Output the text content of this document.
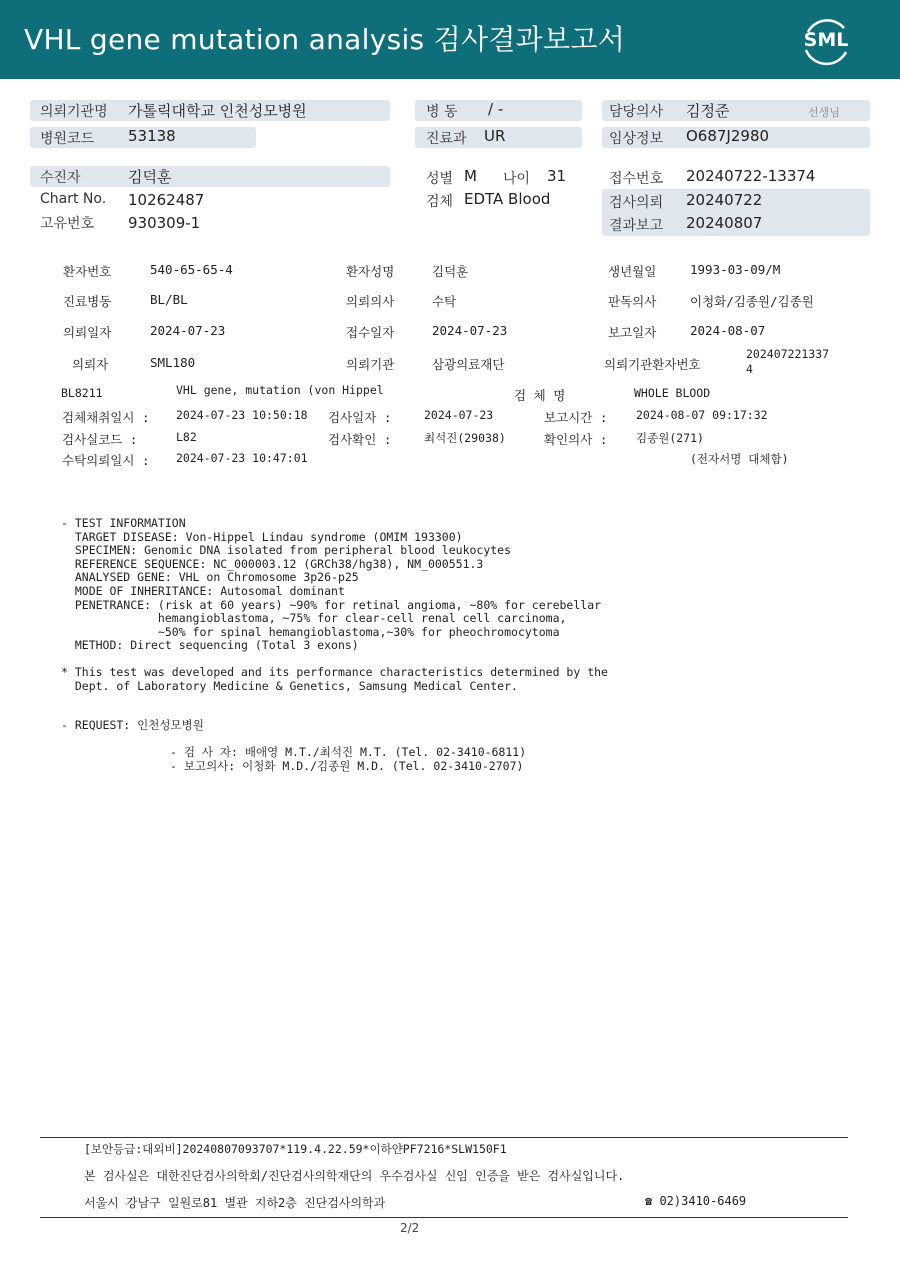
VHL gene mutation analysis 검사결과보고서	SML
의뢰기관명 가톨릭대학교 인천성모병원
병원코드 53138
병 동 / -
진료과 UR
담당의사 김정준	선생님
임상정보 O687J2980
수진자	김덕훈
Chart No. 10262487
고유번호 930309-1
성별 M 나이 31
검체 EDTA Blood
접수번호 20240722-13374
검사의뢰 20240722
결과보고 20240807
환자번호	540-65-65-4	환자성명	김덕훈	생년월일	1993-03-09/M
진료병동	BL/BL	의뢰의사	수탁	판독의사	이청화/김종원/김종원
의뢰일자	2024-07-23	접수일자	2024-07-23	보고일자	2024-08-07
의뢰자	SML180	의뢰기관	삼광의료재단	의뢰기관환자번호
202407221337
4
BL8211	VHL gene, mutation (von Hippel	검 체 명	WHOLE BLOOD
검체채취일시 : 2024-07-23 10:50:18 검사일자 :	2024-07-23	보고시간 : 2024-08-07 09:17:32
검사실코드 :	L82	검사확인 :	최석진(29038)	확인의사 : 김종원(271)
수탁의뢰일시 : 2024-07-23 10:47:01	(전자서명 대체함)
- TEST INFORMATION
TARGET DISEASE: Von-Hippel Lindau syndrome (OMIM 193300)
SPECIMEN: Genomic DNA isolated from peripheral blood leukocytes
REFERENCE SEQUENCE: NC_000003.12 (GRCh38/hg38), NM_000551.3
ANALYSED GENE: VHL on Chromosome 3p26-p25
MODE OF INHERITANCE: Autosomal dominant
PENETRANCE: (risk at 60 years) ~90% for retinal angioma, ~80% for cerebellar
hemangioblastoma, ~75% for clear-cell renal cell carcinoma,
~50% for spinal hemangioblastoma,~30% for pheochromocytoma
METHOD: Direct sequencing (Total 3 exons)
* This test was developed and its performance characteristics determined by the
Dept. of Laboratory Medicine & Genetics, Samsung Medical Center.
- REQUEST: 인천성모병원
- 검 사 자: 배애영 M.T./최석진 M.T. (Tel. 02-3410-6811)
- 보고의사: 이청화 M.D./김종원 M.D. (Tel. 02-3410-2707)
[보안등급:대외비]20240807093707*119.4.22.59*이하얀PF7216*SLW150F1
본 검사실은 대한진단검사의학회/진단검사의학재단의 우수검사실 신임 인증을 받은 검사실입니다.
서울시 강남구 일원로81 별관 지하2층 진단검사의학과	☎ 02)3410-6469
2/2
